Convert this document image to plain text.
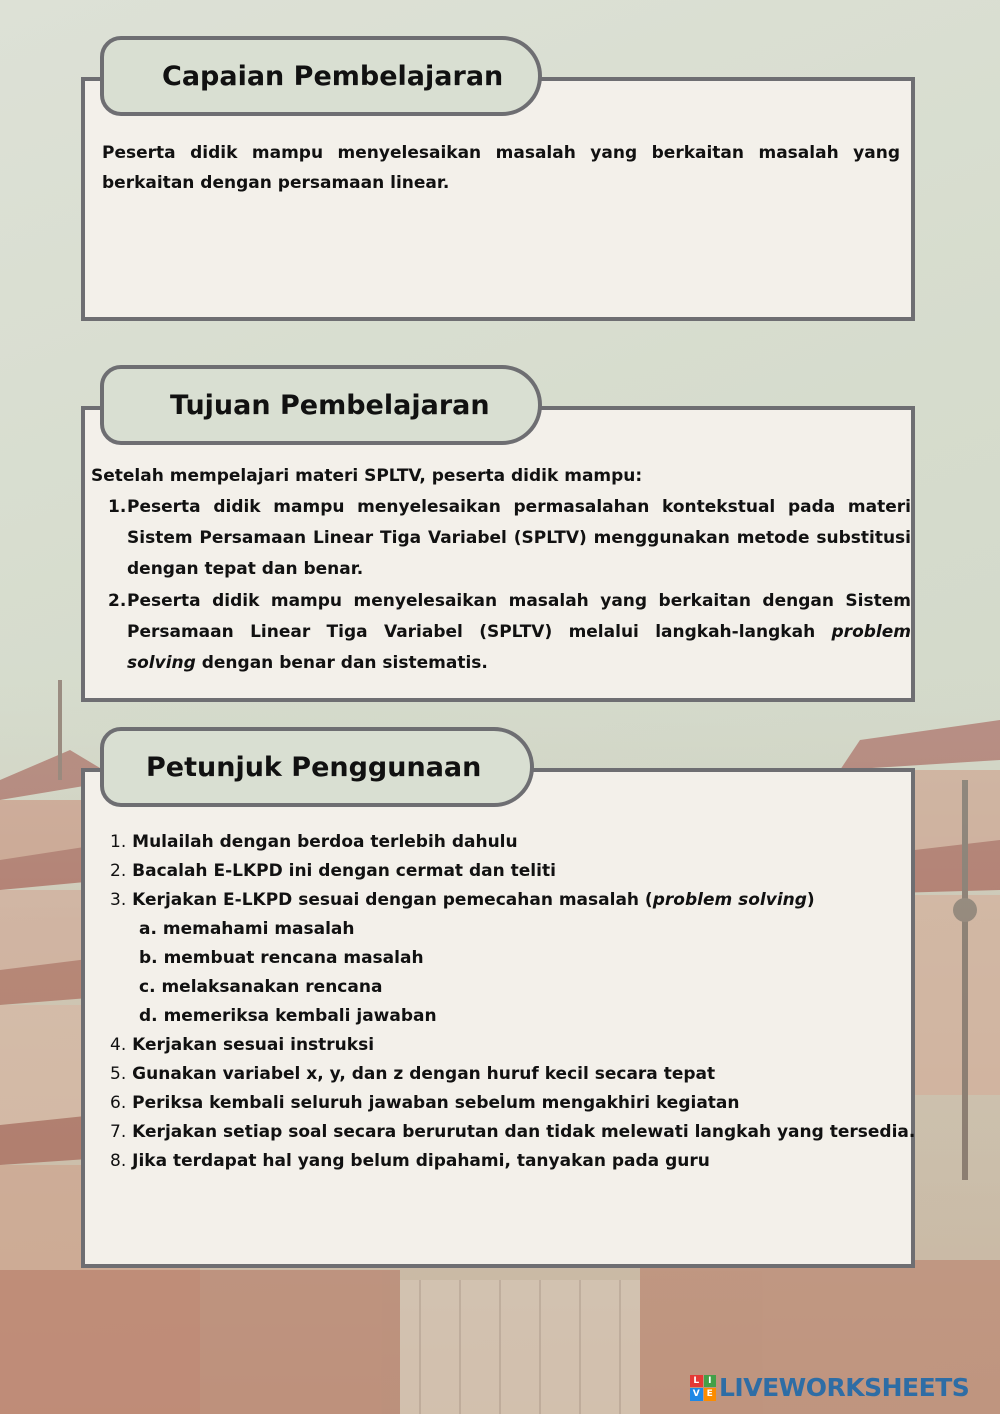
Capaian Pembelajaran

Peserta didik mampu menyelesaikan masalah yang berkaitan masalah yang berkaitan dengan persamaan linear.

Tujuan Pembelajaran

Setelah mempelajari materi SPLTV, peserta didik mampu:

1. Peserta didik mampu menyelesaikan permasalahan kontekstual pada materi Sistem Persamaan Linear Tiga Variabel (SPLTV) menggunakan metode substitusi dengan tepat dan benar.
2. Peserta didik mampu menyelesaikan masalah yang berkaitan dengan Sistem Persamaan Linear Tiga Variabel (SPLTV) melalui langkah-langkah problem solving dengan benar dan sistematis.
Petunjuk Penggunaan
1. Mulailah dengan berdoa terlebih dahulu
2. Bacalah E-LKPD ini dengan cermat dan teliti
3. Kerjakan E-LKPD sesuai dengan pemecahan masalah (problem solving)
a. memahami masalah
b. membuat rencana masalah
c. melaksanakan rencana
d. memeriksa kembali jawaban
4. Kerjakan sesuai instruksi
5. Gunakan variabel x, y, dan z dengan huruf kecil secara tepat
6. Periksa kembali seluruh jawaban sebelum mengakhiri kegiatan
7. Kerjakan setiap soal secara berurutan dan tidak melewati langkah yang tersedia.
8. Jika terdapat hal yang belum dipahami, tanyakan pada guru
L I
V E LIVEWORKSHEETS
